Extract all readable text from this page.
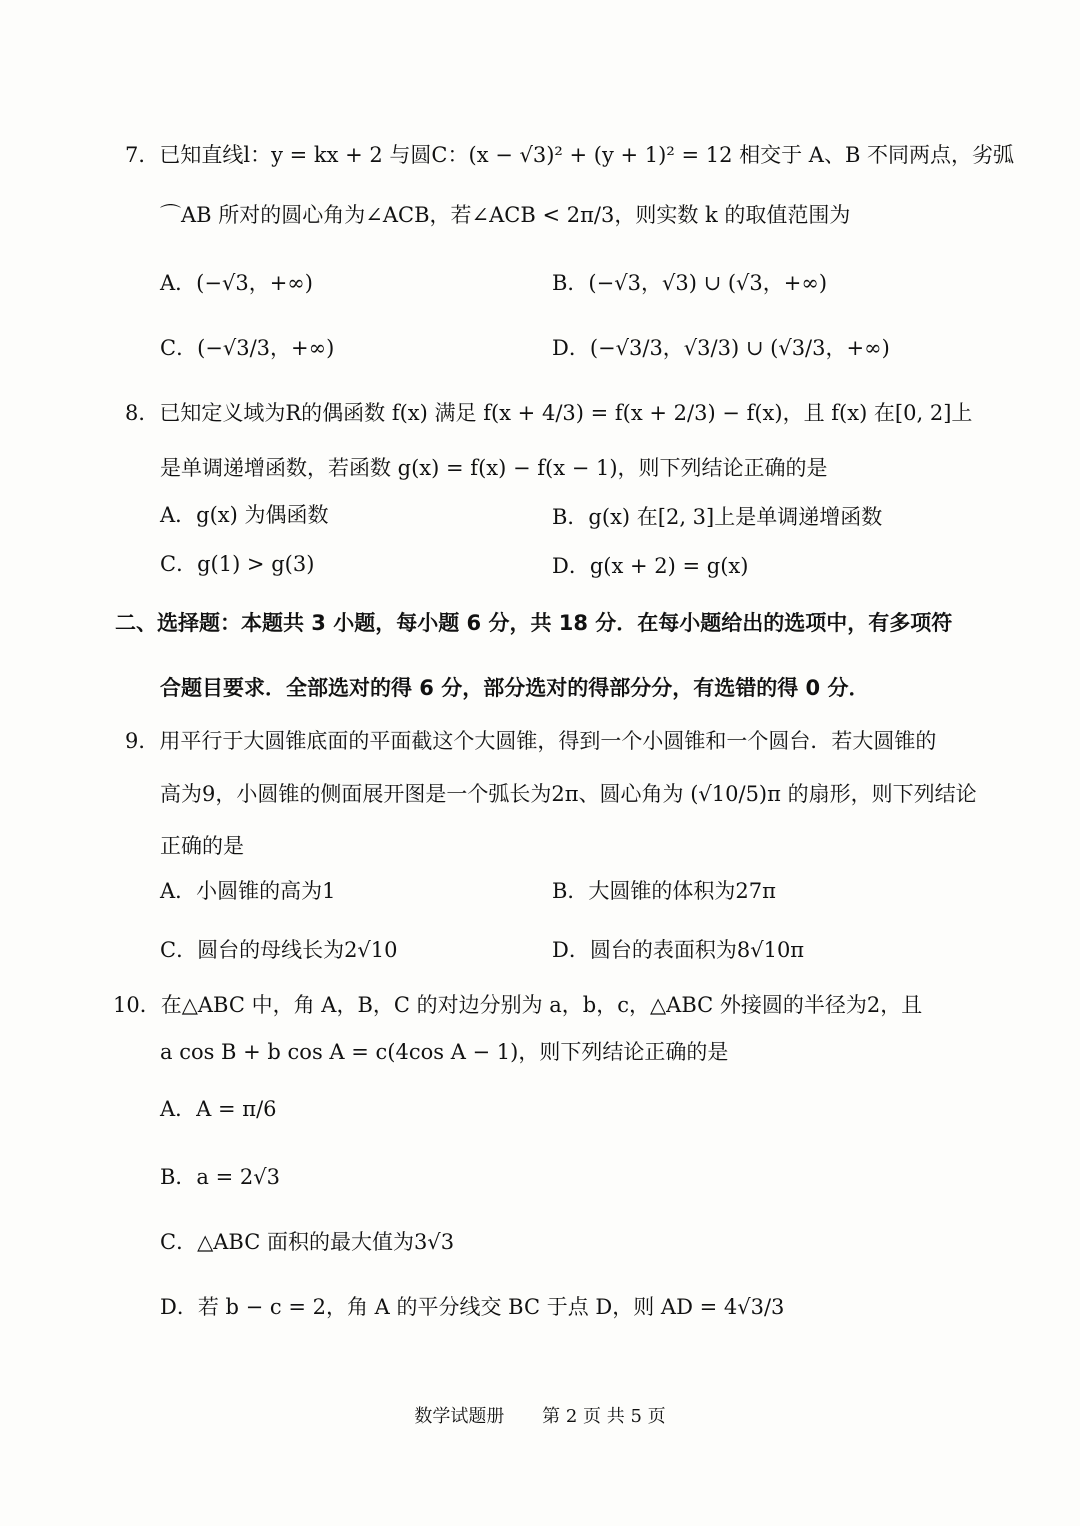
7．已知直线l：y = kx + 2 与圆C：(x − √3)² + (y + 1)² = 12 相交于 A、B 不同两点，劣弧
⌒AB 所对的圆心角为∠ACB，若∠ACB < 2π/3，则实数 k 的取值范围为
A．(−√3，+∞)	B．(−√3，√3) ∪ (√3，+∞)
C．(−√3/3，+∞)	D．(−√3/3，√3/3) ∪ (√3/3，+∞)
8．已知定义域为R的偶函数 f(x) 满足 f(x + 4/3) = f(x + 2/3) − f(x)，且 f(x) 在[0, 2]上
是单调递增函数，若函数 g(x) = f(x) − f(x − 1)，则下列结论正确的是
A．g(x) 为偶函数	B．g(x) 在[2, 3]上是单调递增函数
C．g(1) > g(3)	D．g(x + 2) = g(x)
二、选择题：本题共 3 小题，每小题 6 分，共 18 分．在每小题给出的选项中，有多项符
合题目要求．全部选对的得 6 分，部分选对的得部分分，有选错的得 0 分．
9．用平行于大圆锥底面的平面截这个大圆锥，得到一个小圆锥和一个圆台．若大圆锥的
高为9，小圆锥的侧面展开图是一个弧长为2π、圆心角为 (√10/5)π 的扇形，则下列结论
正确的是
A．小圆锥的高为1	B．大圆锥的体积为27π
C．圆台的母线长为2√10	D．圆台的表面积为8√10π
10．在△ABC 中，角 A，B，C 的对边分别为 a，b，c，△ABC 外接圆的半径为2，且
a cos B + b cos A = c(4cos A − 1)，则下列结论正确的是
A．A = π/6
B．a = 2√3
C．△ABC 面积的最大值为3√3
D．若 b − c = 2，角 A 的平分线交 BC 于点 D，则 AD = 4√3/3
数学试题册 第 2 页 共 5 页
